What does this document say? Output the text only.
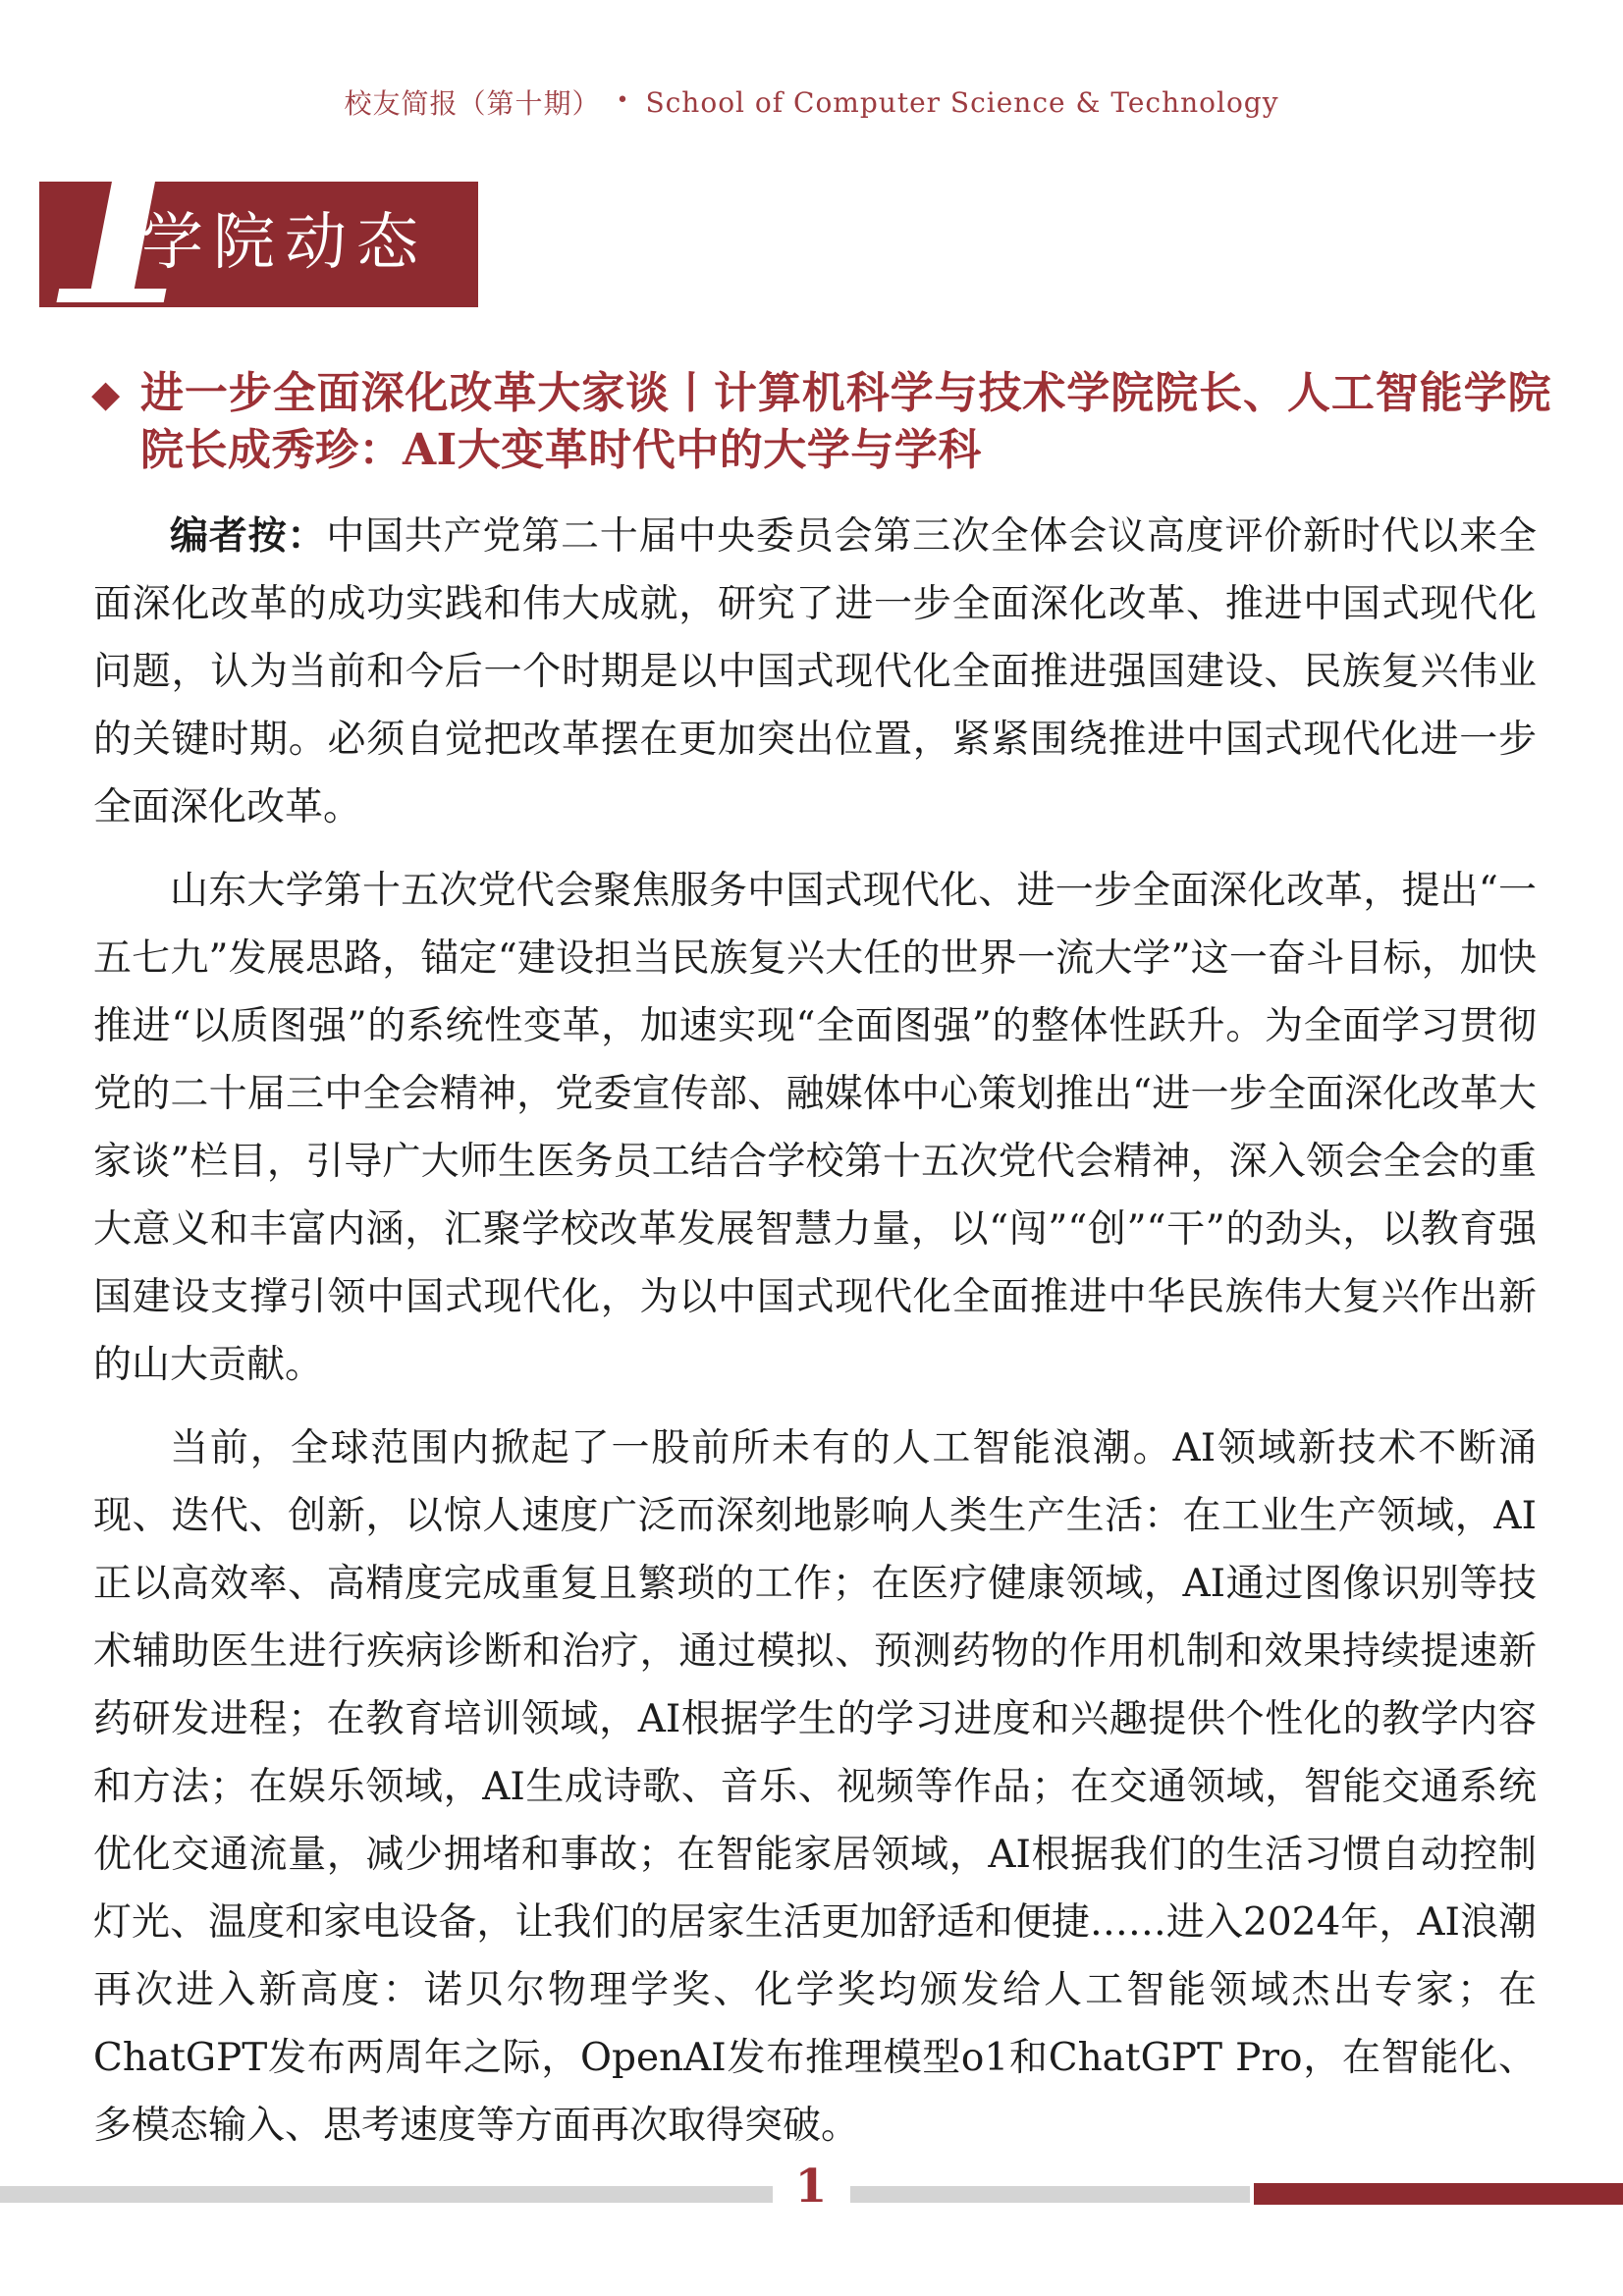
校友简报（第十期） • School of Computer Science & Technology
1
学院动态
◆ 进一步全面深化改革大家谈丨计算机科学与技术学院院长、人工智能学院院长成秀珍：AI大变革时代中的大学与学科

编者按：中国共产党第二十届中央委员会第三次全体会议高度评价新时代以来全面深化改革的成功实践和伟大成就，研究了进一步全面深化改革、推进中国式现代化问题，认为当前和今后一个时期是以中国式现代化全面推进强国建设、民族复兴伟业的关键时期。必须自觉把改革摆在更加突出位置，紧紧围绕推进中国式现代化进一步全面深化改革。

山东大学第十五次党代会聚焦服务中国式现代化、进一步全面深化改革，提出“一五七九”发展思路，锚定“建设担当民族复兴大任的世界一流大学”这一奋斗目标，加快推进“以质图强”的系统性变革，加速实现“全面图强”的整体性跃升。为全面学习贯彻党的二十届三中全会精神，党委宣传部、融媒体中心策划推出“进一步全面深化改革大家谈”栏目，引导广大师生医务员工结合学校第十五次党代会精神，深入领会全会的重大意义和丰富内涵，汇聚学校改革发展智慧力量，以“闯”“创”“干”的劲头，以教育强国建设支撑引领中国式现代化，为以中国式现代化全面推进中华民族伟大复兴作出新的山大贡献。

当前，全球范围内掀起了一股前所未有的人工智能浪潮。AI领域新技术不断涌现、迭代、创新，以惊人速度广泛而深刻地影响人类生产生活：在工业生产领域，AI正以高效率、高精度完成重复且繁琐的工作；在医疗健康领域，AI通过图像识别等技术辅助医生进行疾病诊断和治疗，通过模拟、预测药物的作用机制和效果持续提速新药研发进程；在教育培训领域，AI根据学生的学习进度和兴趣提供个性化的教学内容和方法；在娱乐领域，AI生成诗歌、音乐、视频等作品；在交通领域，智能交通系统优化交通流量，减少拥堵和事故；在智能家居领域，AI根据我们的生活习惯自动控制灯光、温度和家电设备，让我们的居家生活更加舒适和便捷……进入2024年，AI浪潮再次进入新高度：诺贝尔物理学奖、化学奖均颁发给人工智能领域杰出专家；在ChatGPT发布两周年之际，OpenAI发布推理模型o1和ChatGPT Pro，在智能化、多模态输入、思考速度等方面再次取得突破。

1
